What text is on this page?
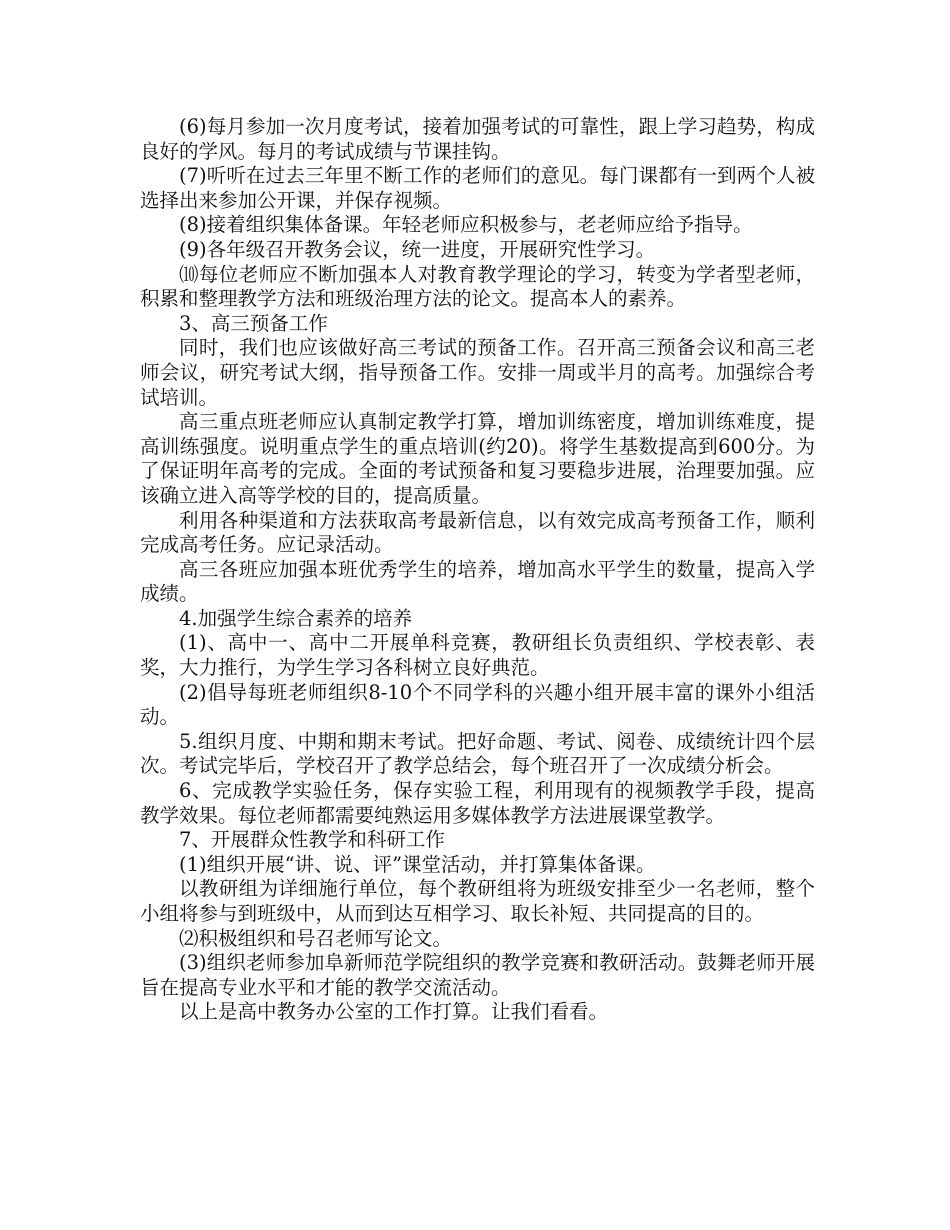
(6)每月参加一次月度考试，接着加强考试的可靠性，跟上学习趋势，构成良好的学风。每月的考试成绩与节课挂钩。

(7)听听在过去三年里不断工作的老师们的意见。每门课都有一到两个人被选择出来参加公开课，并保存视频。

(8)接着组织集体备课。年轻老师应积极参与，老老师应给予指导。

(9)各年级召开教务会议，统一进度，开展研究性学习。

⑽每位老师应不断加强本人对教育教学理论的学习，转变为学者型老师，积累和整理教学方法和班级治理方法的论文。提高本人的素养。

3、高三预备工作

同时，我们也应该做好高三考试的预备工作。召开高三预备会议和高三老师会议，研究考试大纲，指导预备工作。安排一周或半月的高考。加强综合考试培训。

高三重点班老师应认真制定教学打算，增加训练密度，增加训练难度，提高训练强度。说明重点学生的重点培训(约20)。将学生基数提高到600分。为了保证明年高考的完成。全面的考试预备和复习要稳步进展，治理要加强。应该确立进入高等学校的目的，提高质量。

利用各种渠道和方法获取高考最新信息，以有效完成高考预备工作，顺利完成高考任务。应记录活动。

高三各班应加强本班优秀学生的培养，增加高水平学生的数量，提高入学成绩。

4.加强学生综合素养的培养

(1)、高中一、高中二开展单科竞赛，教研组长负责组织、学校表彰、表奖，大力推行，为学生学习各科树立良好典范。

(2)倡导每班老师组织8-10个不同学科的兴趣小组开展丰富的课外小组活动。

5.组织月度、中期和期末考试。把好命题、考试、阅卷、成绩统计四个层次。考试完毕后，学校召开了教学总结会，每个班召开了一次成绩分析会。

6、完成教学实验任务，保存实验工程，利用现有的视频教学手段，提高教学效果。每位老师都需要纯熟运用多媒体教学方法进展课堂教学。

7、开展群众性教学和科研工作

(1)组织开展“讲、说、评”课堂活动，并打算集体备课。

以教研组为详细施行单位，每个教研组将为班级安排至少一名老师，整个小组将参与到班级中，从而到达互相学习、取长补短、共同提高的目的。

⑵积极组织和号召老师写论文。

(3)组织老师参加阜新师范学院组织的教学竞赛和教研活动。鼓舞老师开展旨在提高专业水平和才能的教学交流活动。

以上是高中教务办公室的工作打算。让我们看看。
